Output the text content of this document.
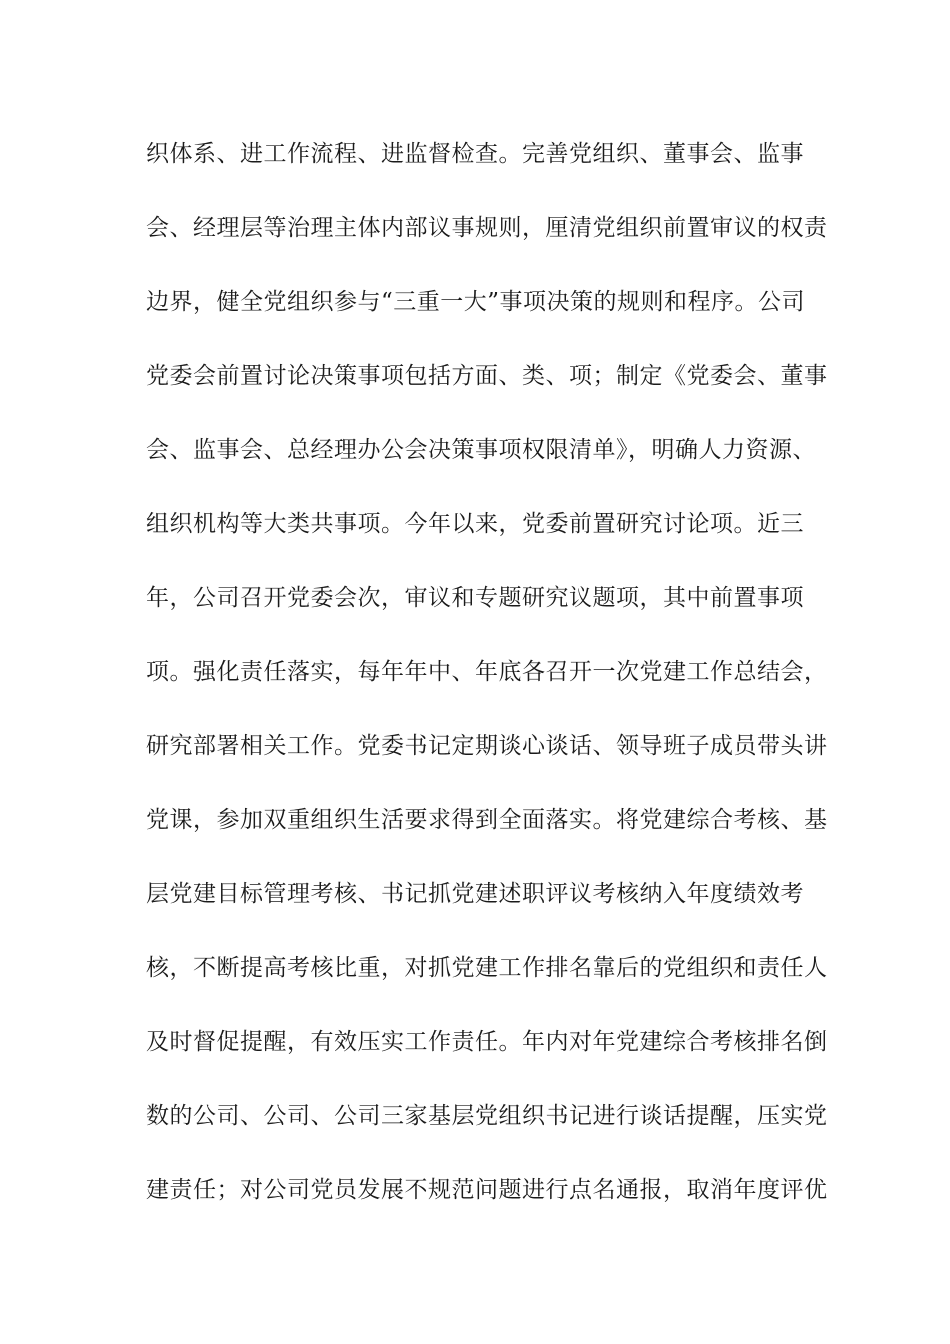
织体系、进工作流程、进监督检查。完善党组织、董事会、监事
会、经理层等治理主体内部议事规则，厘清党组织前置审议的权责
边界，健全党组织参与“三重一大”事项决策的规则和程序。公司
党委会前置讨论决策事项包括方面、类、项；制定《党委会、董事
会、监事会、总经理办公会决策事项权限清单》，明确人力资源、
组织机构等大类共事项。今年以来，党委前置研究讨论项。近三
年，公司召开党委会次，审议和专题研究议题项，其中前置事项
项。强化责任落实，每年年中、年底各召开一次党建工作总结会，
研究部署相关工作。党委书记定期谈心谈话、领导班子成员带头讲
党课，参加双重组织生活要求得到全面落实。将党建综合考核、基
层党建目标管理考核、书记抓党建述职评议考核纳入年度绩效考
核，不断提高考核比重，对抓党建工作排名靠后的党组织和责任人
及时督促提醒，有效压实工作责任。年内对年党建综合考核排名倒
数的公司、公司、公司三家基层党组织书记进行谈话提醒，压实党
建责任；对公司党员发展不规范问题进行点名通报，取消年度评优
